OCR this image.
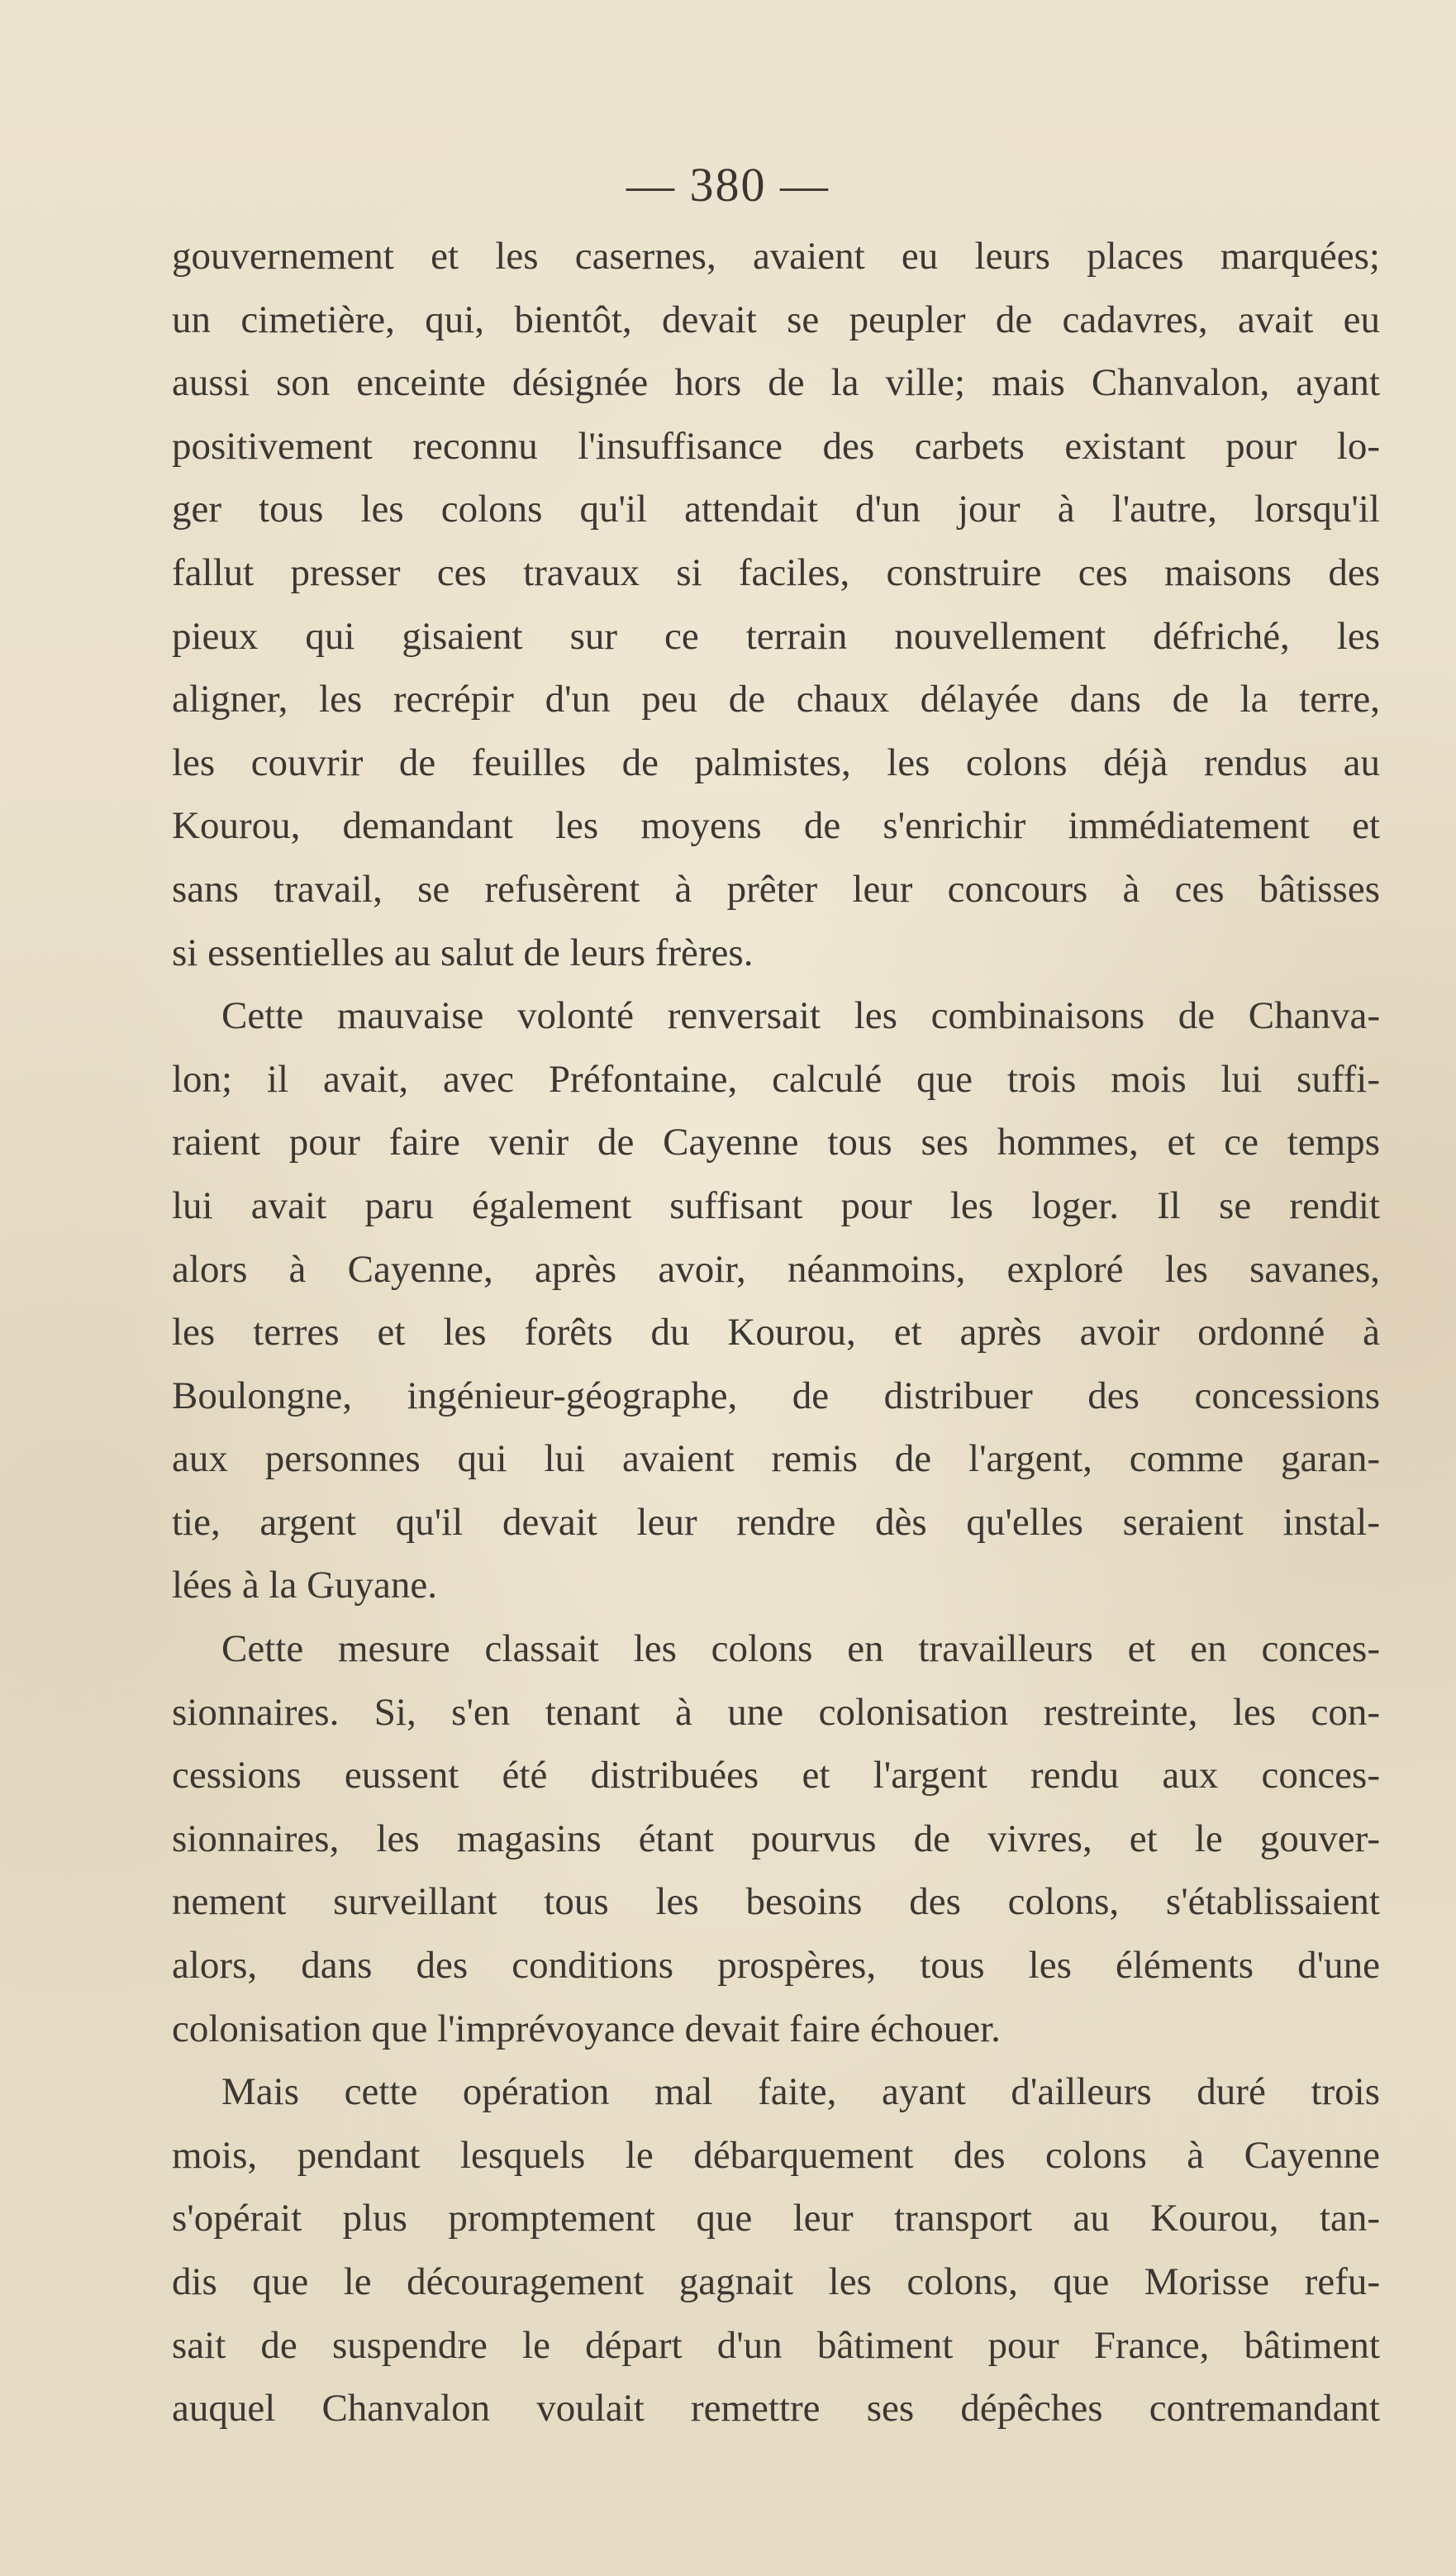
— 380 —
gouvernement et les casernes, avaient eu leurs places marquées;
un cimetière, qui, bientôt, devait se peupler de cadavres, avait eu
aussi son enceinte désignée hors de la ville; mais Chanvalon, ayant
positivement reconnu l'insuffisance des carbets existant pour lo-
ger tous les colons qu'il attendait d'un jour à l'autre, lorsqu'il
fallut presser ces travaux si faciles, construire ces maisons des
pieux qui gisaient sur ce terrain nouvellement défriché, les
aligner, les recrépir d'un peu de chaux délayée dans de la terre,
les couvrir de feuilles de palmistes, les colons déjà rendus au
Kourou, demandant les moyens de s'enrichir immédiatement et
sans travail, se refusèrent à prêter leur concours à ces bâtisses
si essentielles au salut de leurs frères.
Cette mauvaise volonté renversait les combinaisons de Chanva-
lon; il avait, avec Préfontaine, calculé que trois mois lui suffi-
raient pour faire venir de Cayenne tous ses hommes, et ce temps
lui avait paru également suffisant pour les loger. Il se rendit
alors à Cayenne, après avoir, néanmoins, exploré les savanes,
les terres et les forêts du Kourou, et après avoir ordonné à
Boulongne, ingénieur-géographe, de distribuer des concessions
aux personnes qui lui avaient remis de l'argent, comme garan-
tie, argent qu'il devait leur rendre dès qu'elles seraient instal-
lées à la Guyane.
Cette mesure classait les colons en travailleurs et en conces-
sionnaires. Si, s'en tenant à une colonisation restreinte, les con-
cessions eussent été distribuées et l'argent rendu aux conces-
sionnaires, les magasins étant pourvus de vivres, et le gouver-
nement surveillant tous les besoins des colons, s'établissaient
alors, dans des conditions prospères, tous les éléments d'une
colonisation que l'imprévoyance devait faire échouer.
Mais cette opération mal faite, ayant d'ailleurs duré trois
mois, pendant lesquels le débarquement des colons à Cayenne
s'opérait plus promptement que leur transport au Kourou, tan-
dis que le découragement gagnait les colons, que Morisse refu-
sait de suspendre le départ d'un bâtiment pour France, bâtiment
auquel Chanvalon voulait remettre ses dépêches contremandant
